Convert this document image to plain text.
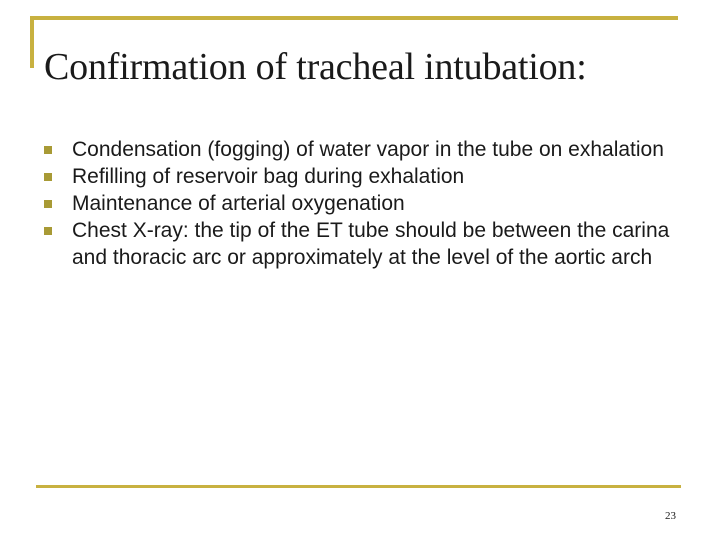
Confirmation of tracheal intubation:
Condensation (fogging) of water vapor in the tube on exhalation
Refilling of reservoir bag during exhalation
Maintenance of arterial oxygenation
Chest X-ray: the tip of the ET tube should be between the carina and thoracic arc or approximately at the level of the aortic arch
23
